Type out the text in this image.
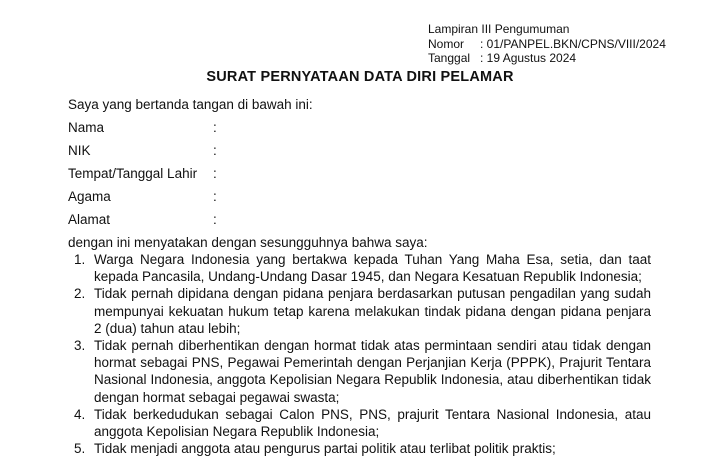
Lampiran III Pengumuman
Nomor	: 01/PANPEL.BKN/CPNS/VIII/2024
Tanggal : 19 Agustus 2024
SURAT PERNYATAAN DATA DIRI PELAMAR
Saya yang bertanda tangan di bawah ini:
Nama	:
NIK	:
Tempat/Tanggal Lahir :
Agama	:
Alamat	:
dengan ini menyatakan dengan sesungguhnya bahwa saya:
1. Warga Negara Indonesia yang bertakwa kepada Tuhan Yang Maha Esa, setia, dan taat kepada Pancasila, Undang-Undang Dasar 1945, dan Negara Kesatuan Republik Indonesia;
2. Tidak pernah dipidana dengan pidana penjara berdasarkan putusan pengadilan yang sudah mempunyai kekuatan hukum tetap karena melakukan tindak pidana dengan pidana penjara 2 (dua) tahun atau lebih;
3. Tidak pernah diberhentikan dengan hormat tidak atas permintaan sendiri atau tidak dengan hormat sebagai PNS, Pegawai Pemerintah dengan Perjanjian Kerja (PPPK), Prajurit Tentara Nasional Indonesia, anggota Kepolisian Negara Republik Indonesia, atau diberhentikan tidak dengan hormat sebagai pegawai swasta;
4. Tidak berkedudukan sebagai Calon PNS, PNS, prajurit Tentara Nasional Indonesia, atau anggota Kepolisian Negara Republik Indonesia;
5. Tidak menjadi anggota atau pengurus partai politik atau terlibat politik praktis;
